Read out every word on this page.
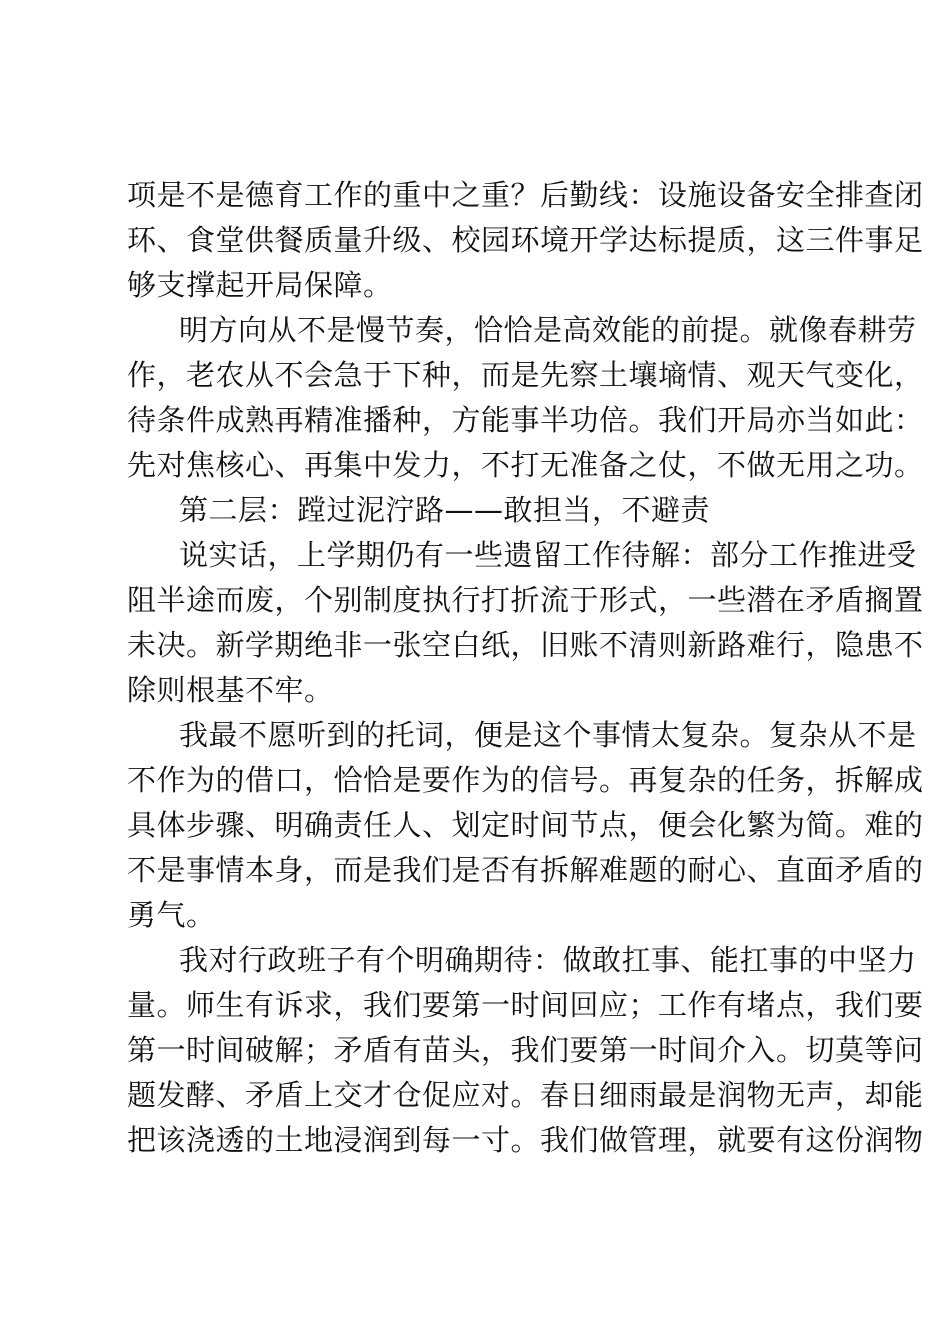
项是不是德育工作的重中之重？后勤线：设施设备安全排查闭
环、食堂供餐质量升级、校园环境开学达标提质，这三件事足
够支撑起开局保障。
明方向从不是慢节奏，恰恰是高效能的前提。就像春耕劳
作，老农从不会急于下种，而是先察土壤墒情、观天气变化，
待条件成熟再精准播种，方能事半功倍。我们开局亦当如此：
先对焦核心、再集中发力，不打无准备之仗，不做无用之功。
第二层：蹚过泥泞路——敢担当，不避责
说实话，上学期仍有一些遗留工作待解：部分工作推进受
阻半途而废，个别制度执行打折流于形式，一些潜在矛盾搁置
未决。新学期绝非一张空白纸，旧账不清则新路难行，隐患不
除则根基不牢。
我最不愿听到的托词，便是这个事情太复杂。复杂从不是
不作为的借口，恰恰是要作为的信号。再复杂的任务，拆解成
具体步骤、明确责任人、划定时间节点，便会化繁为简。难的
不是事情本身，而是我们是否有拆解难题的耐心、直面矛盾的
勇气。
我对行政班子有个明确期待：做敢扛事、能扛事的中坚力
量。师生有诉求，我们要第一时间回应；工作有堵点，我们要
第一时间破解；矛盾有苗头，我们要第一时间介入。切莫等问
题发酵、矛盾上交才仓促应对。春日细雨最是润物无声，却能
把该浇透的土地浸润到每一寸。我们做管理，就要有这份润物
